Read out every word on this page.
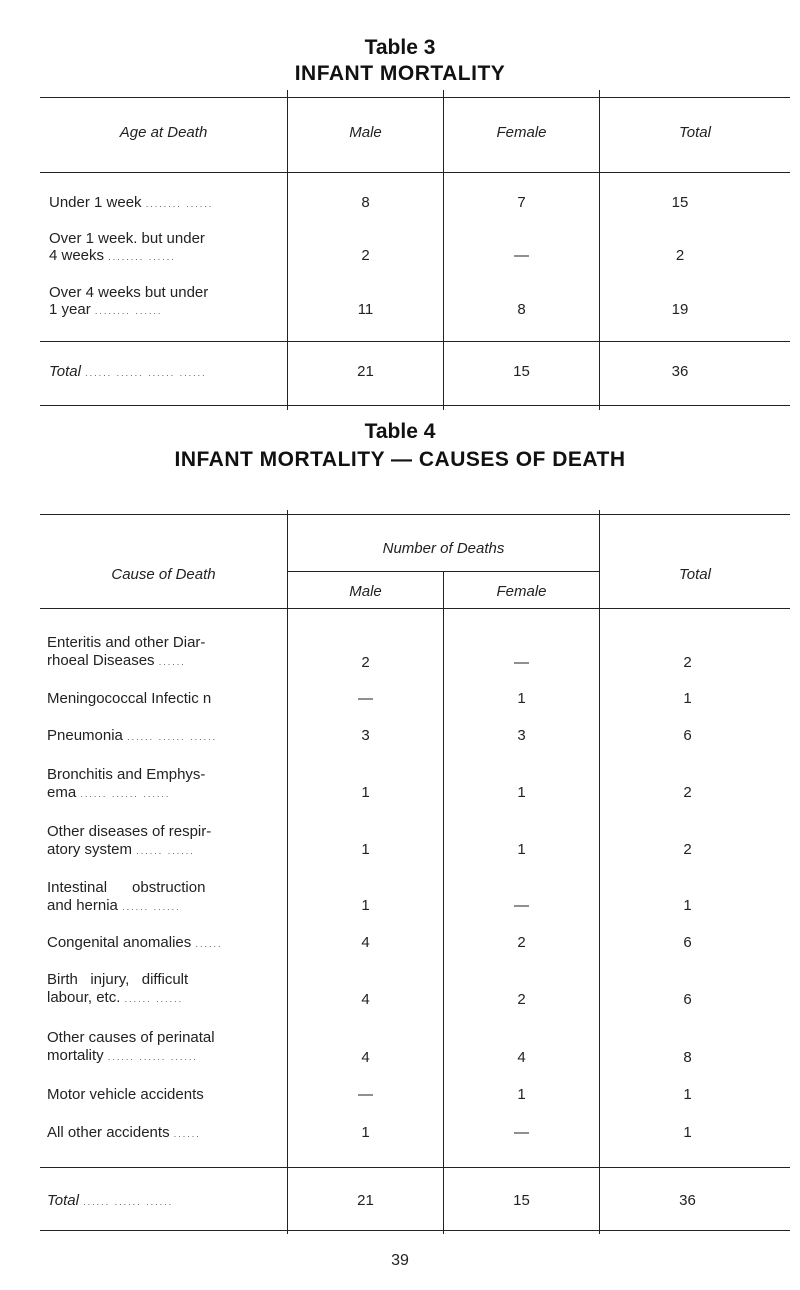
Table 3
INFANT MORTALITY
Age at Death	Male	Female	Total
Under 1 week ........ ......	8	7	15
Over 1 week. but under
4 weeks ........ ......	2	—	2
Over 4 weeks but under
1 year ........ ......	11	8	19
Total ...... ...... ...... ......	21	15	36
Table 4
INFANT MORTALITY — CAUSES OF DEATH
Cause of Death
Number of Deaths
Male	Female
Total
Enteritis and other Diar-
rhoeal Diseases ......	2	—	2
Meningococcal Infectic n	—	1	1
Pneumonia ...... ...... ......	3	3	6
Bronchitis and Emphys-
ema ...... ...... ......	1	1	2
Other diseases of respir-
atory system ...... ......	1	1	2
Intestinal      obstruction
and hernia ...... ......	1	—	1
Congenital anomalies ......	4	2	6
Birth   injury,   difficult
labour, etc. ...... ......	4	2	6
Other causes of perinatal
mortality ...... ...... ......	4	4	8
Motor vehicle accidents	—	1	1
All other accidents ......	1	—	1
Total ...... ...... ......	21	15	36
39
